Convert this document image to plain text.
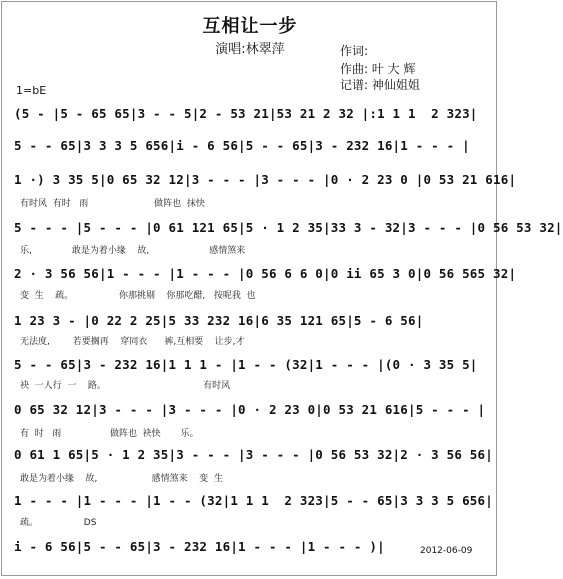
互相让一步
演唱:林翠萍	作词:
作曲: 叶 大 辉
记谱: 神仙姐姐
1=bE
(5 - |5 - 65 65|3 - - 5|2 - 53 21|53 21 2 32 |:1 1 1  2 323|
5 - - 65|3 3 3 5 656|i - 6 56|5 - - 65|3 - 232 16|1 - - - |
1 ·) 3 35 5|0 65 32 12|3 - - - |3 - - - |0 · 2 23 0 |0 53 21 616|
有时风  有时   雨                       做阵也  抹快
5 - - - |5 - - - |0 61 121 65|5 · 1 2 35|33 3 - 32|3 - - - |0 56 53 32|
乐,              敢是为着小缘    故,                     感情煞来
2 · 3 56 56|1 - - - |1 - - - |0 56 6 6 0|0 ii 65 3 0|0 56 565 32|
变  生    疏。                你那挑剔    你那吃醋,   按呢我  也
1 23 3 - |0 22 2 25|5 33 232 16|6 35 121 65|5 - 6 56|
无法度,        若要搁再    穿同衣      裤,互相要    让步,才
5 - - 65|3 - 232 16|1 1 1 - |1 - - (32|1 - - - |(0 · 3 35 5|
袂  一人行  一    路。                                  有时风
0 65 32 12|3 - - - |3 - - - |0 · 2 23 0|0 53 21 616|5 - - - |
有  时   雨                 做阵也  袂快       乐。
0 61 1 65|5 · 1 2 35|3 - - - |3 - - - |0 56 53 32|2 · 3 56 56|
敢是为着小缘    故,                   感情煞来    变  生
1 - - - |1 - - - |1 - - (32|1 1 1  2 323|5 - - 65|3 3 3 5 656|
疏。                DS
i - 6 56|5 - - 65|3 - 232 16|1 - - - |1 - - - )|	2012-06-09
